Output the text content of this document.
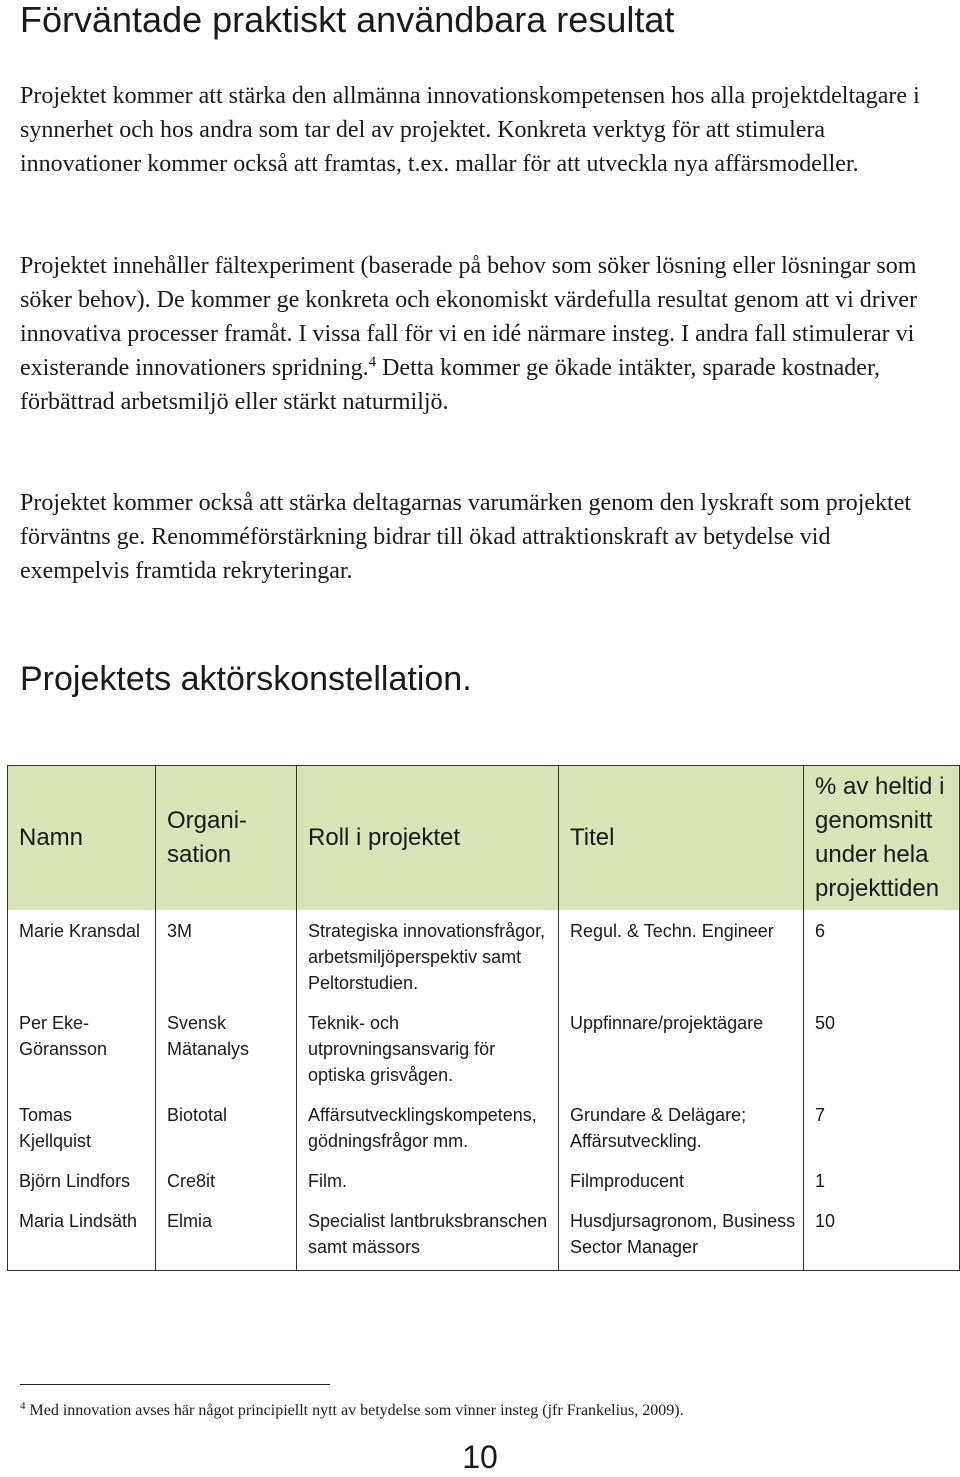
Förväntade praktiskt användbara resultat
Projektet kommer att stärka den allmänna innovationskompetensen hos alla projektdeltagare i synnerhet och hos andra som tar del av projektet. Konkreta verktyg för att stimulera innovationer kommer också att framtas, t.ex. mallar för att utveckla nya affärsmodeller.
Projektet innehåller fältexperiment (baserade på behov som söker lösning eller lösningar som söker behov). De kommer ge konkreta och ekonomiskt värdefulla resultat genom att vi driver innovativa processer framåt. I vissa fall för vi en idé närmare insteg. I andra fall stimulerar vi existerande innovationers spridning.$^4$ Detta kommer ge ökade intäkter, sparade kostnader, förbättrad arbetsmiljö eller stärkt naturmiljö.
Projektet kommer också att stärka deltagarnas varumärken genom den lyskraft som projektet förväntns ge. Renomméförstärkning bidrar till ökad attraktionskraft av betydelse vid exempelvis framtida rekryteringar.
Projektets aktörskonstellation.
Namn	Organi-sation	Roll i projektet	Titel	% av heltid i genomsnitt under hela projekttiden
Marie Kransdal	3M	Strategiska innovationsfrågor, arbetsmiljöperspektiv samt Peltorstudien.	Regul. & Techn. Engineer	6
Per Eke-Göransson	Svensk Mätanalys	Teknik- och utprovningsansvarig för optiska grisvågen.	Uppfinnare/projektägare	50
Tomas Kjellquist	Biototal	Affärsutvecklingskompetens, gödningsfrågor mm.	Grundare & Delägare; Affärsutveckling.	7
Björn Lindfors	Cre8it	Film.	Filmproducent	1
Maria Lindsäth	Elmia	Specialist lantbruksbranschen samt mässors	Husdjursagronom, Business Sector Manager	10
$^4$ Med innovation avses här något principiellt nytt av betydelse som vinner insteg (jfr Frankelius, 2009).
10
